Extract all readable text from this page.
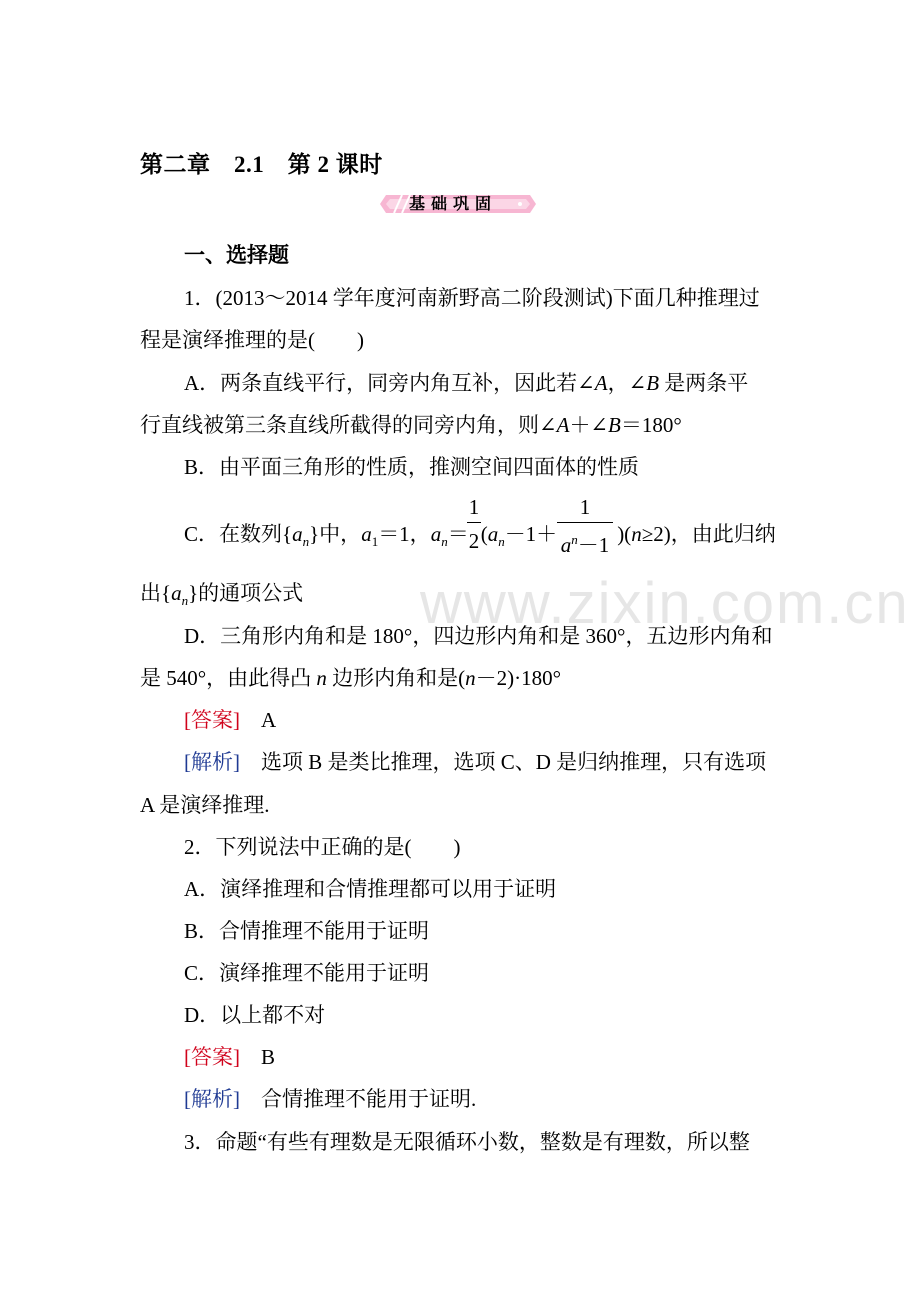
www.zixin.com.cn
第二章　2.1　第 2 课时
基础巩固
一、选择题
1．(2013～2014 学年度河南新野高二阶段测试)下面几种推理过
程是演绎推理的是(　　)
A．两条直线平行，同旁内角互补，因此若∠A，∠B 是两条平
行直线被第三条直线所截得的同旁内角，则∠A＋∠B＝180°
B．由平面三角形的性质，推测空间四面体的性质
C．在数列$\{a_n\}$中，$a_1=1$，$a_n= (a_n-1+$	)(n≥2)，由此归纳
1
2
1
$a^n-1$
出$\{a_n\}$的通项公式
D．三角形内角和是 180°，四边形内角和是 360°，五边形内角和
是 540°，由此得凸 n 边形内角和是(n－2)·180°
[答案]　 A
[解析]　 选项 B 是类比推理，选项 C、D 是归纳推理，只有选项
A 是演绎推理.
2．下列说法中正确的是(　　)
A．演绎推理和合情推理都可以用于证明
B．合情推理不能用于证明
C．演绎推理不能用于证明
D．以上都不对
[答案]　 B
[解析]　 合情推理不能用于证明.
3．命题“有些有理数是无限循环小数，整数是有理数，所以整
